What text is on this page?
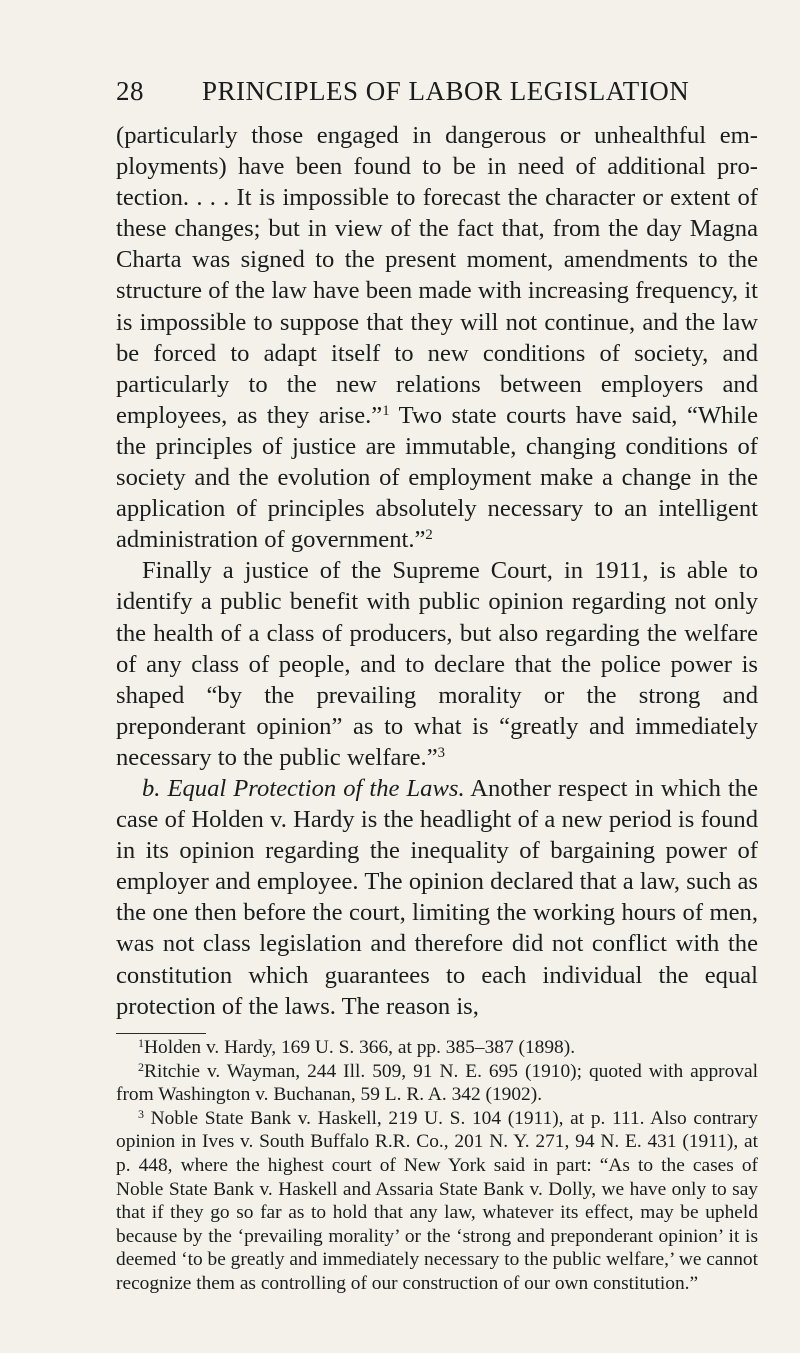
28 PRINCIPLES OF LABOR LEGISLATION

(particularly those engaged in dangerous or unhealthful employments) have been found to be in need of additional protection. . . . It is impossible to forecast the character or extent of these changes; but in view of the fact that, from the day Magna Charta was signed to the present moment, amendments to the structure of the law have been made with increasing frequency, it is impossible to suppose that they will not continue, and the law be forced to adapt itself to new conditions of society, and particularly to the new relations between employers and employees, as they arise.”$^1$ Two state courts have said, “While the principles of justice are immutable, changing conditions of society and the evolution of employment make a change in the application of principles absolutely necessary to an intelligent administration of government.”$^2$

Finally a justice of the Supreme Court, in 1911, is able to identify a public benefit with public opinion regarding not only the health of a class of producers, but also regarding the welfare of any class of people, and to declare that the police power is shaped “by the prevailing morality or the strong and preponderant opinion” as to what is “greatly and immediately necessary to the public welfare.”$^3$

b. Equal Protection of the Laws. Another respect in which the case of Holden v. Hardy is the headlight of a new period is found in its opinion regarding the inequality of bargaining power of employer and employee. The opinion declared that a law, such as the one then before the court, limiting the working hours of men, was not class legislation and therefore did not conflict with the constitution which guarantees to each individual the equal protection of the laws. The reason is,

$^1$Holden v. Hardy, 169 U. S. 366, at pp. 385–387 (1898).

$^2$Ritchie v. Wayman, 244 Ill. 509, 91 N. E. 695 (1910); quoted with approval from Washington v. Buchanan, 59 L. R. A. 342 (1902).

$^3$ Noble State Bank v. Haskell, 219 U. S. 104 (1911), at p. 111. Also contrary opinion in Ives v. South Buffalo R.R. Co., 201 N. Y. 271, 94 N. E. 431 (1911), at p. 448, where the highest court of New York said in part: “As to the cases of Noble State Bank v. Haskell and Assaria State Bank v. Dolly, we have only to say that if they go so far as to hold that any law, whatever its effect, may be upheld because by the ‘prevailing morality’ or the ‘strong and preponderant opinion’ it is deemed ‘to be greatly and immediately necessary to the public welfare,’ we cannot recognize them as controlling of our construction of our own constitution.”
